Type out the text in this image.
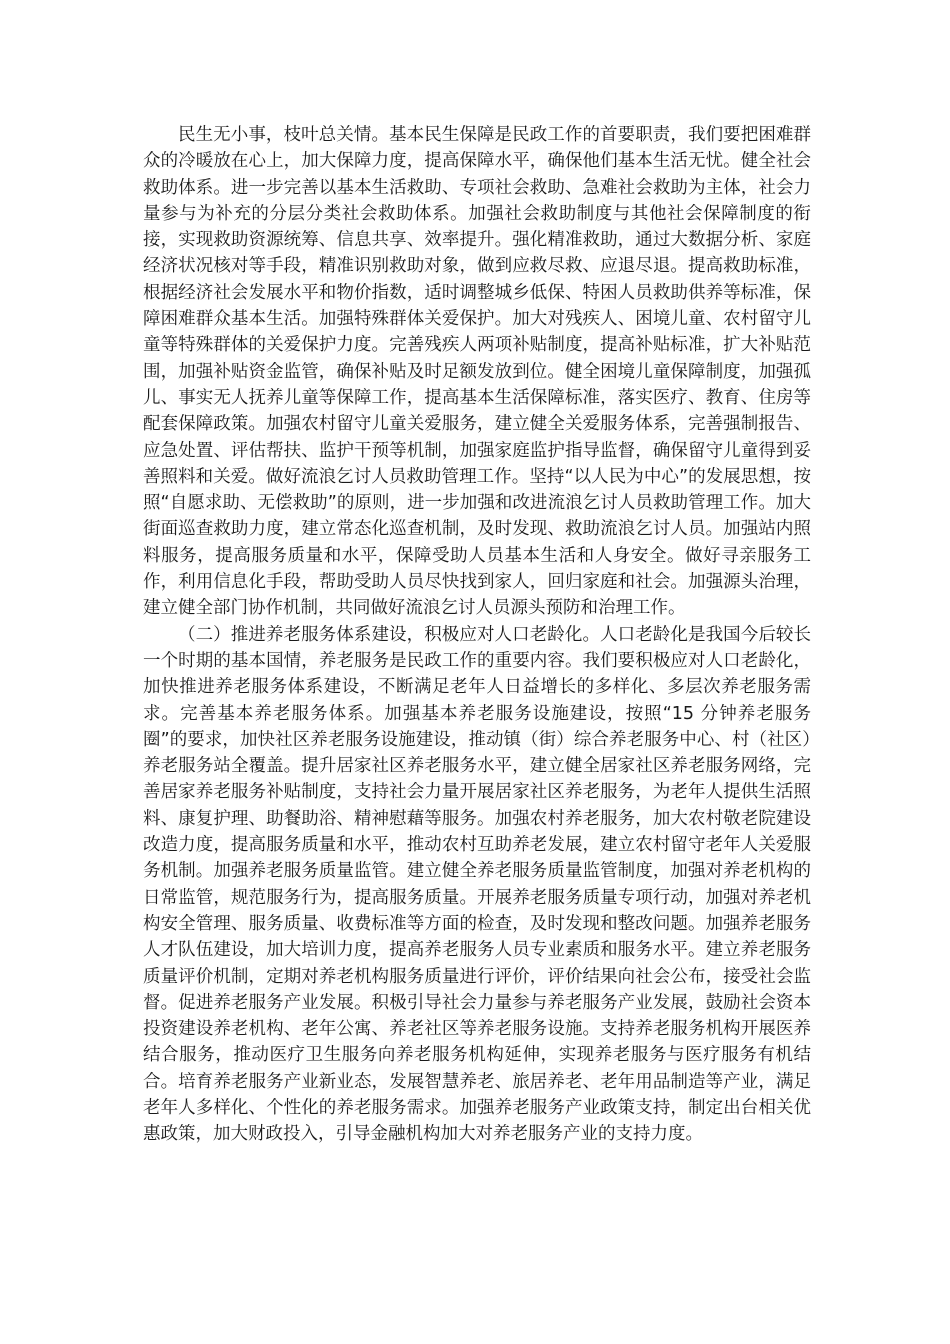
民生无小事，枝叶总关情。基本民生保障是民政工作的首要职责，我们要把困难群众的冷暖放在心上，加大保障力度，提高保障水平，确保他们基本生活无忧。健全社会救助体系。进一步完善以基本生活救助、专项社会救助、急难社会救助为主体，社会力量参与为补充的分层分类社会救助体系。加强社会救助制度与其他社会保障制度的衔接，实现救助资源统筹、信息共享、效率提升。强化精准救助，通过大数据分析、家庭经济状况核对等手段，精准识别救助对象，做到应救尽救、应退尽退。提高救助标准，根据经济社会发展水平和物价指数，适时调整城乡低保、特困人员救助供养等标准，保障困难群众基本生活。加强特殊群体关爱保护。加大对残疾人、困境儿童、农村留守儿童等特殊群体的关爱保护力度。完善残疾人两项补贴制度，提高补贴标准，扩大补贴范围，加强补贴资金监管，确保补贴及时足额发放到位。健全困境儿童保障制度，加强孤儿、事实无人抚养儿童等保障工作，提高基本生活保障标准，落实医疗、教育、住房等配套保障政策。加强农村留守儿童关爱服务，建立健全关爱服务体系，完善强制报告、应急处置、评估帮扶、监护干预等机制，加强家庭监护指导监督，确保留守儿童得到妥善照料和关爱。做好流浪乞讨人员救助管理工作。坚持“以人民为中心”的发展思想，按照“自愿求助、无偿救助”的原则，进一步加强和改进流浪乞讨人员救助管理工作。加大街面巡查救助力度，建立常态化巡查机制，及时发现、救助流浪乞讨人员。加强站内照料服务，提高服务质量和水平，保障受助人员基本生活和人身安全。做好寻亲服务工作，利用信息化手段，帮助受助人员尽快找到家人，回归家庭和社会。加强源头治理，建立健全部门协作机制，共同做好流浪乞讨人员源头预防和治理工作。

（二）推进养老服务体系建设，积极应对人口老龄化。人口老龄化是我国今后较长一个时期的基本国情，养老服务是民政工作的重要内容。我们要积极应对人口老龄化，加快推进养老服务体系建设，不断满足老年人日益增长的多样化、多层次养老服务需求。完善基本养老服务体系。加强基本养老服务设施建设，按照“15 分钟养老服务圈”的要求，加快社区养老服务设施建设，推动镇（街）综合养老服务中心、村（社区）养老服务站全覆盖。提升居家社区养老服务水平，建立健全居家社区养老服务网络，完善居家养老服务补贴制度，支持社会力量开展居家社区养老服务，为老年人提供生活照料、康复护理、助餐助浴、精神慰藉等服务。加强农村养老服务，加大农村敬老院建设改造力度，提高服务质量和水平，推动农村互助养老发展，建立农村留守老年人关爱服务机制。加强养老服务质量监管。建立健全养老服务质量监管制度，加强对养老机构的日常监管，规范服务行为，提高服务质量。开展养老服务质量专项行动，加强对养老机构安全管理、服务质量、收费标准等方面的检查，及时发现和整改问题。加强养老服务人才队伍建设，加大培训力度，提高养老服务人员专业素质和服务水平。建立养老服务质量评价机制，定期对养老机构服务质量进行评价，评价结果向社会公布，接受社会监督。促进养老服务产业发展。积极引导社会力量参与养老服务产业发展，鼓励社会资本投资建设养老机构、老年公寓、养老社区等养老服务设施。支持养老服务机构开展医养结合服务，推动医疗卫生服务向养老服务机构延伸，实现养老服务与医疗服务有机结合。培育养老服务产业新业态，发展智慧养老、旅居养老、老年用品制造等产业，满足老年人多样化、个性化的养老服务需求。加强养老服务产业政策支持，制定出台相关优惠政策，加大财政投入，引导金融机构加大对养老服务产业的支持力度。
